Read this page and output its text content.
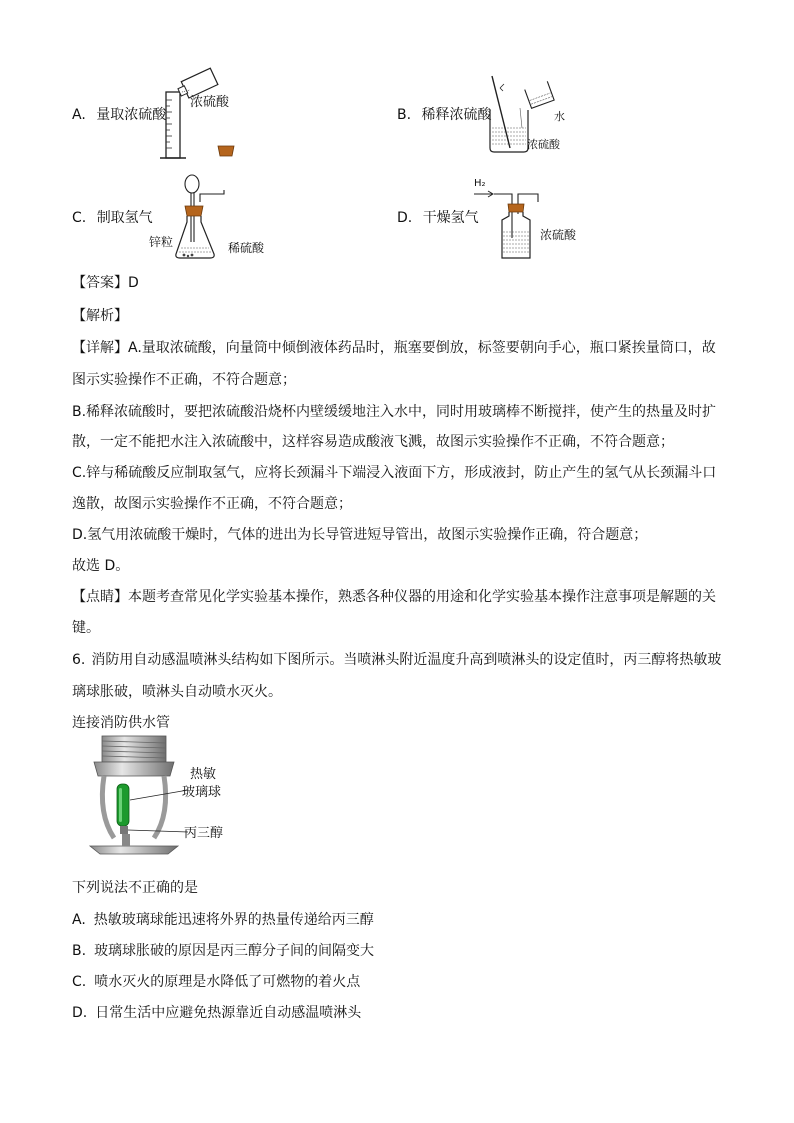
A. 量取浓硫酸
浓硫酸
B. 稀释浓硫酸	水
浓硫酸
C. 制取氢气
锌粒	稀硫酸
D. 干燥氢气
H₂
浓硫酸
【答案】D
【解析】
【详解】A.量取浓硫酸，向量筒中倾倒液体药品时，瓶塞要倒放，标签要朝向手心，瓶口紧挨量筒口，故
图示实验操作不正确，不符合题意；
B.稀释浓硫酸时，要把浓硫酸沿烧杯内壁缓缓地注入水中，同时用玻璃棒不断搅拌，使产生的热量及时扩
散，一定不能把水注入浓硫酸中，这样容易造成酸液飞溅，故图示实验操作不正确，不符合题意；
C.锌与稀硫酸反应制取氢气，应将长颈漏斗下端浸入液面下方，形成液封，防止产生的氢气从长颈漏斗口
逸散，故图示实验操作不正确，不符合题意；
D.氢气用浓硫酸干燥时，气体的进出为长导管进短导管出，故图示实验操作正确，符合题意；
故选 D。
【点睛】本题考查常见化学实验基本操作，熟悉各种仪器的用途和化学实验基本操作注意事项是解题的关
键。
6. 消防用自动感温喷淋头结构如下图所示。当喷淋头附近温度升高到喷淋头的设定值时，丙三醇将热敏玻
璃球胀破，喷淋头自动喷水灭火。
连接消防供水管
热敏
玻璃球
丙三醇
下列说法不正确的是
A. 热敏玻璃球能迅速将外界的热量传递给丙三醇
B. 玻璃球胀破的原因是丙三醇分子间的间隔变大
C. 喷水灭火的原理是水降低了可燃物的着火点
D. 日常生活中应避免热源靠近自动感温喷淋头
